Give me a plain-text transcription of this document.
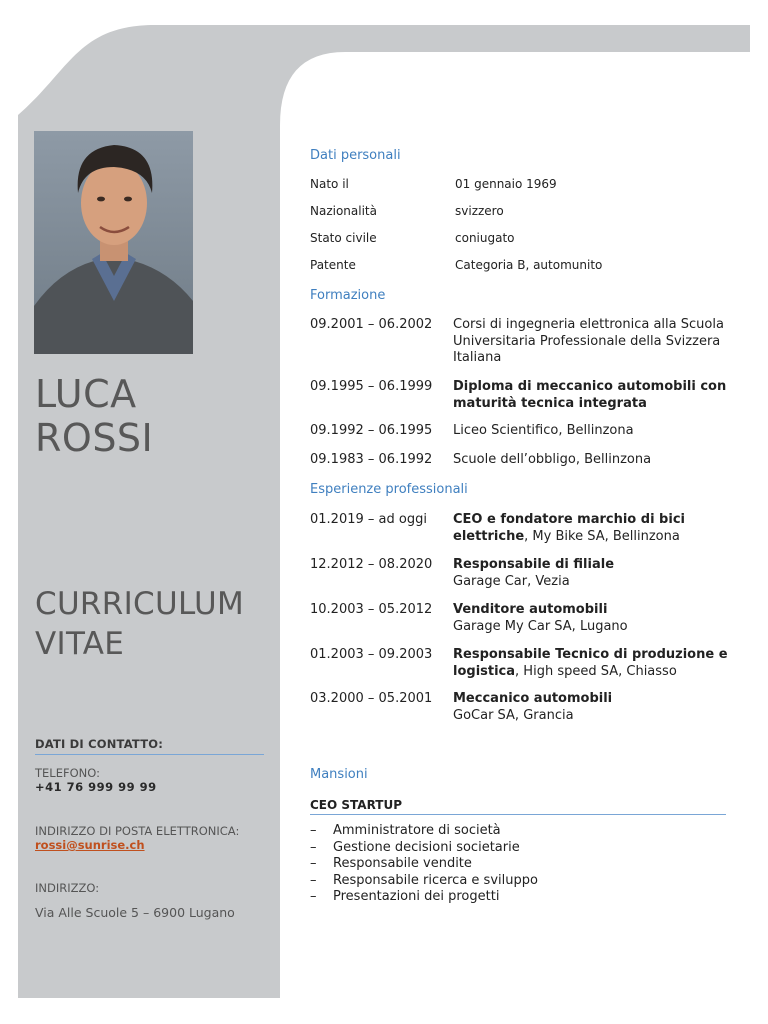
LUCA
ROSSI
CURRICULUM
VITAE
DATI DI CONTATTO:
TELEFONO:
+41 76 999 99 99
INDIRIZZO DI POSTA ELETTRONICA:
rossi@sunrise.ch
INDIRIZZO:
Via Alle Scuole 5 – 6900 Lugano
Dati personali
Nato il	01 gennaio 1969
Nazionalità	svizzero
Stato civile	coniugato
Patente	Categoria B, automunito
Formazione
09.2001 – 06.2002 Corsi di ingegneria elettronica alla Scuola Universitaria Professionale della Svizzera Italiana
09.1995 – 06.1999 Diploma di meccanico automobili con maturità tecnica integrata
09.1992 – 06.1995 Liceo Scientifico, Bellinzona
09.1983 – 06.1992 Scuole dell’obbligo, Bellinzona
Esperienze professionali
01.2019 – ad oggi CEO e fondatore marchio di bici elettriche, My Bike SA, Bellinzona
12.2012 – 08.2020 Responsabile di filiale
Garage Car, Vezia
10.2003 – 05.2012 Venditore automobili
Garage My Car SA, Lugano
01.2003 – 09.2003 Responsabile Tecnico di produzione e logistica, High speed SA, Chiasso
03.2000 – 05.2001 Meccanico automobili
GoCar SA, Grancia
Mansioni
CEO STARTUP
– Amministratore di società
– Gestione decisioni societarie
– Responsabile vendite
– Responsabile ricerca e sviluppo
– Presentazioni dei progetti
